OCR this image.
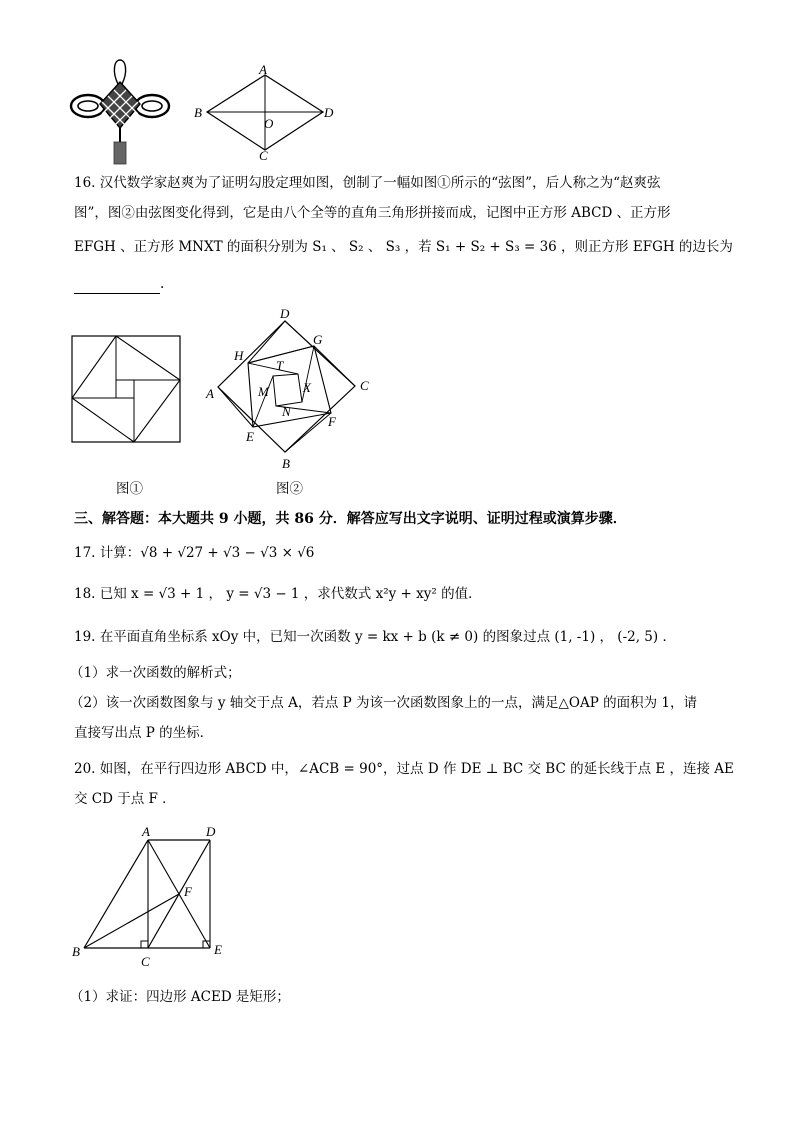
A
B
C
D
O
16. 汉代数学家赵爽为了证明勾股定理如图，创制了一幅如图①所示的“弦图”，后人称之为“赵爽弦
图”，图②由弦图变化得到，它是由八个全等的直角三角形拼接而成，记图中正方形 ABCD 、正方形
EFGH 、正方形 MNXT 的面积分别为 S₁ 、 S₂ 、 S₃ ，若 S₁ + S₂ + S₃ = 36 ，则正方形 EFGH 的边长为
.
图①
D
G
H
T
C
A	M	X
N
F
E
B
图②
三、解答题：本大题共 9 小题，共 86 分．解答应写出文字说明、证明过程或演算步骤．
17. 计算：√8 + √27 + √3 − √3 × √6
18. 已知 x = √3 + 1 ， y = √3 − 1 ，求代数式 x²y + xy² 的值．
19. 在平面直角坐标系 xOy 中，已知一次函数 y = kx + b (k ≠ 0) 的图象过点 (1, -1) ， (-2, 5) ．
（1）求一次函数的解析式；
（2）该一次函数图象与 y 轴交于点 A，若点 P 为该一次函数图象上的一点，满足△OAP 的面积为 1，请
直接写出点 P 的坐标．
20. 如图，在平行四边形 ABCD 中，∠ACB = 90°，过点 D 作 DE ⊥ BC 交 BC 的延长线于点 E ，连接 AE
交 CD 于点 F ．
A	D
F
B
C
E
（1）求证：四边形 ACED 是矩形；
